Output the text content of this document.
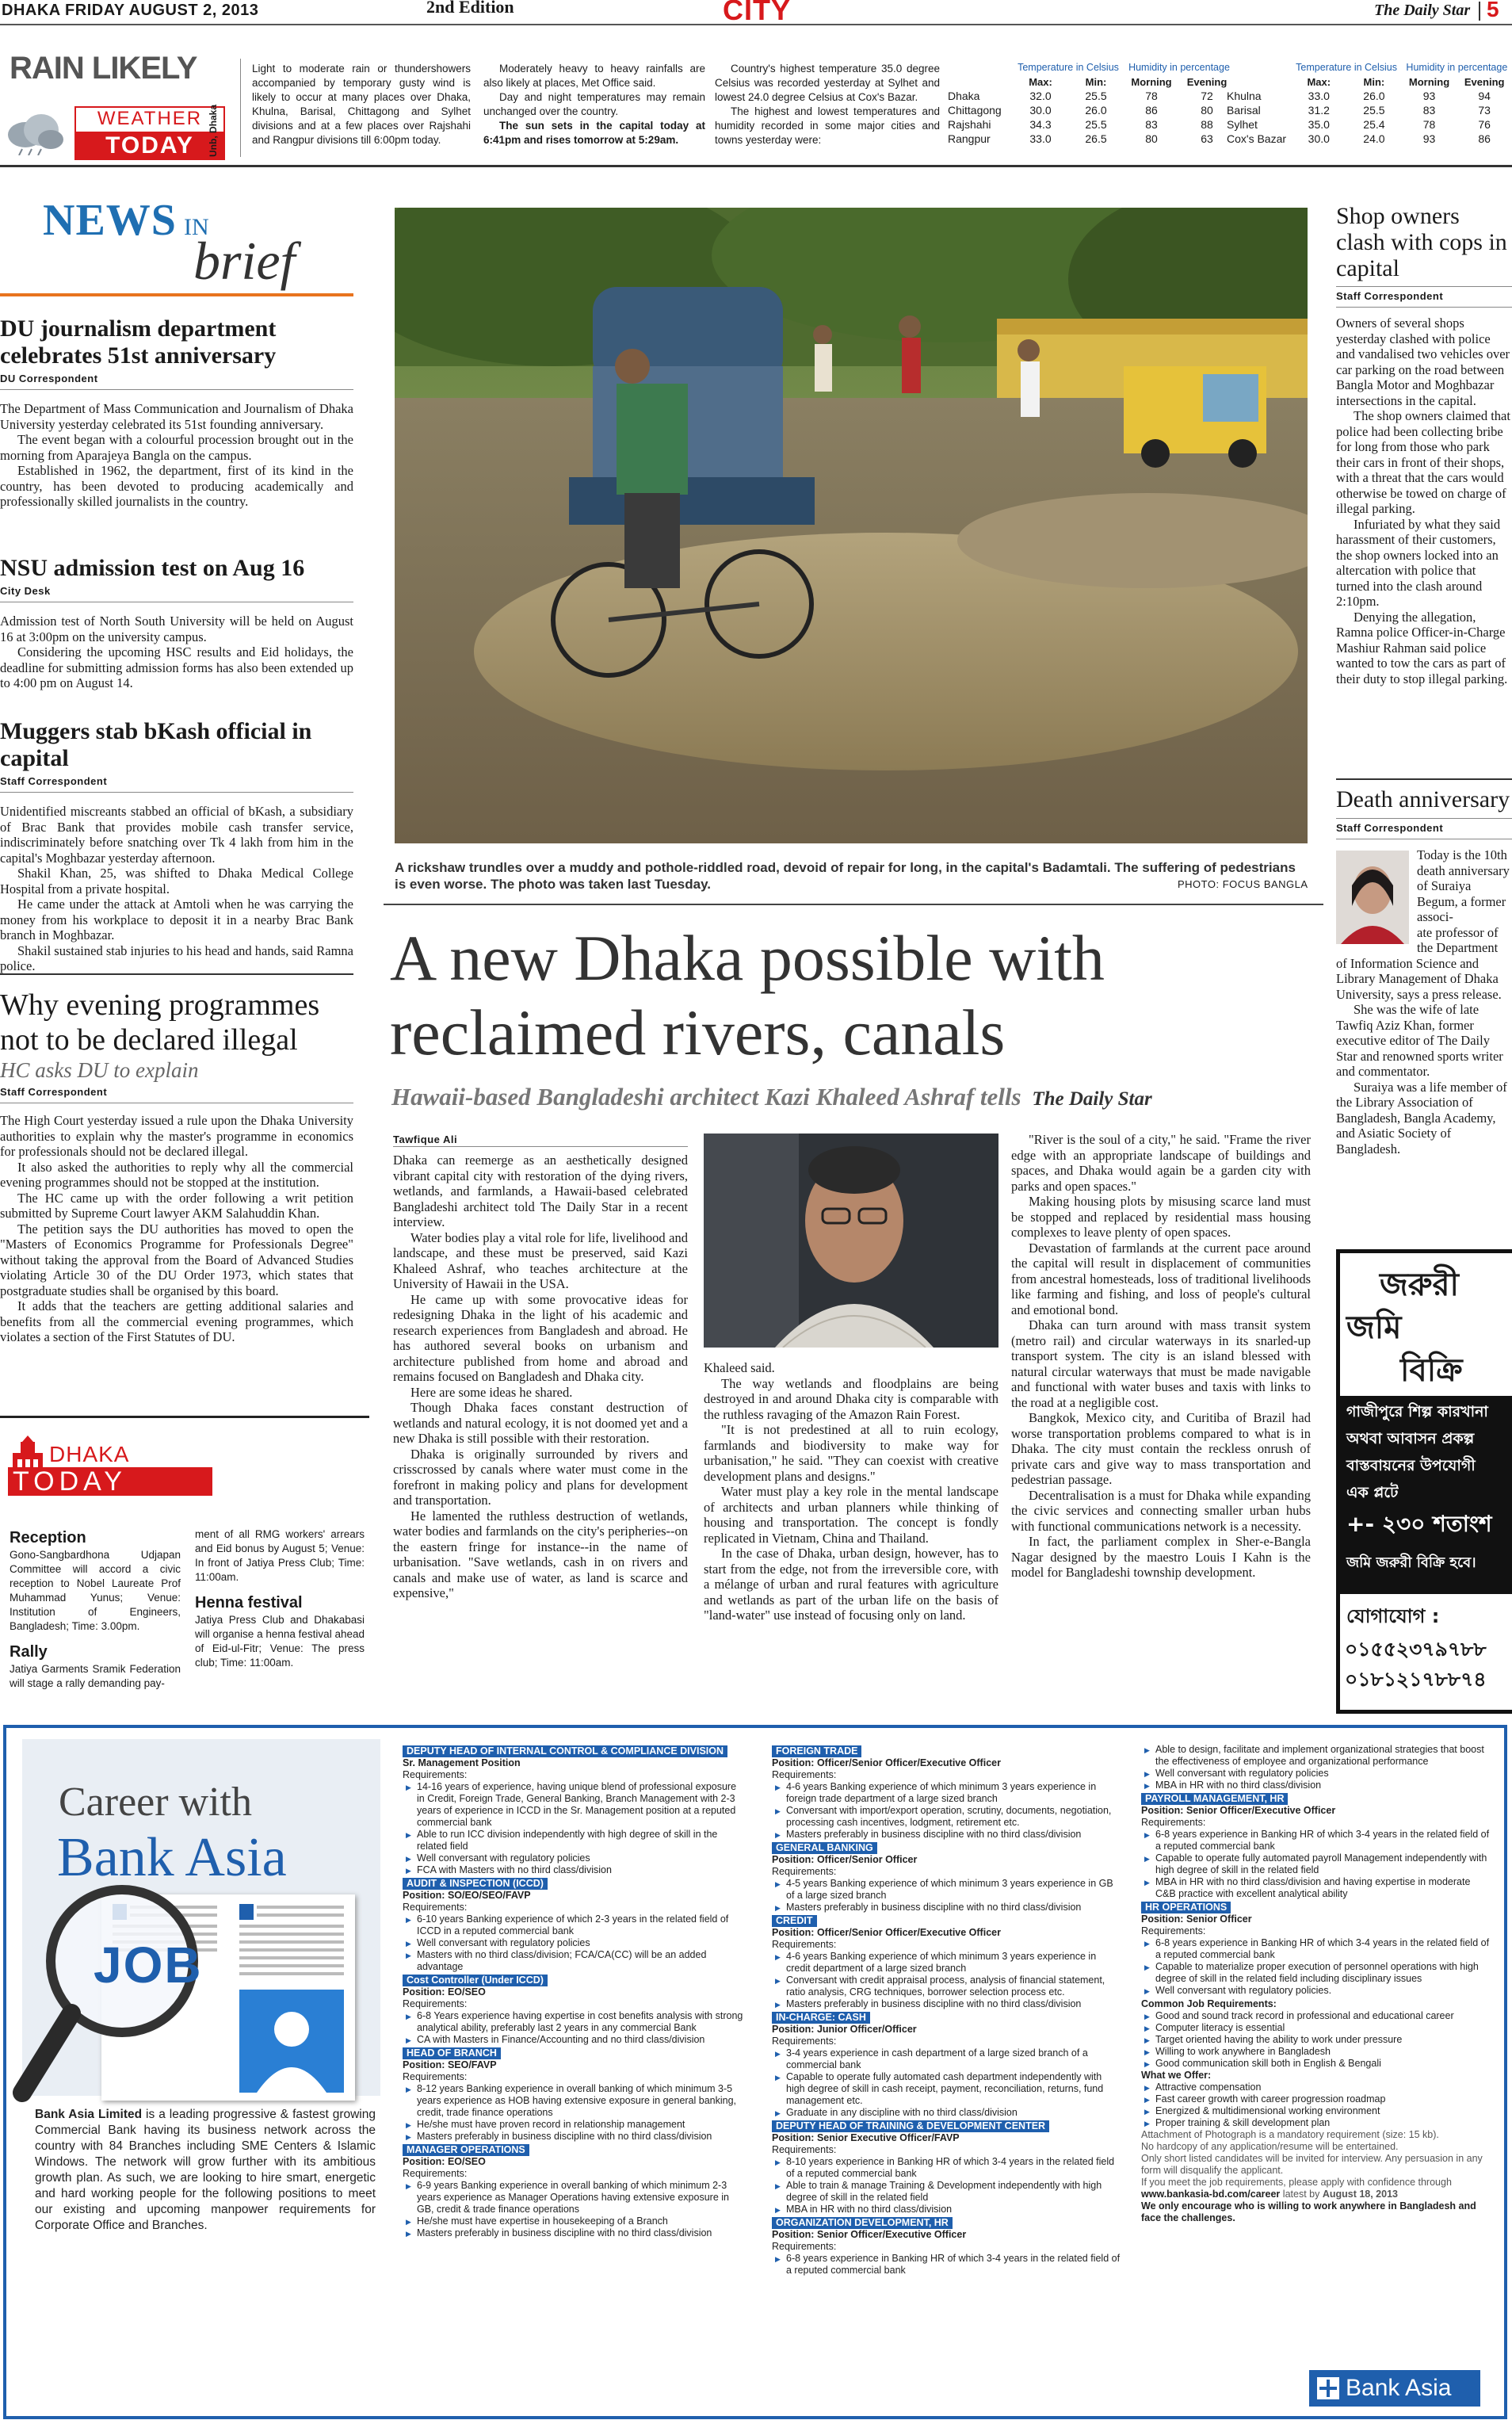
DHAKA FRIDAY AUGUST 2, 2013	2nd Edition	CITY	The Daily Star 5
RAIN LIKELY
WEATHER
TODAY	Unb, Dhaka
Light to moderate rain or thundershowers accompanied by temporary gusty wind is likely to occur at many places over Dhaka, Khulna, Barisal, Chittagong and Sylhet divisions and at a few places over Rajshahi and Rangpur divisions till 6:00pm today.

Moderately heavy to heavy rainfalls are also likely at places, Met Office said.

Day and night temperatures may remain unchanged over the country.

The sun sets in the capital today at 6:41pm and rises tomorrow at 5:29am.

Country's highest temperature 35.0 degree Celsius was recorded yesterday at Sylhet and lowest 24.0 degree Celsius at Cox's Bazar.

The highest and lowest temperatures and humidity recorded in some major cities and towns yesterday were:

	Temperature in Celsius		Humidity in percentage	
	Max:	Min:	Morning	Evening
Dhaka	32.0	25.5	78	72
Chittagong	30.0	26.0	86	80
Rajshahi	34.3	25.5	83	88
Rangpur	33.0	26.5	80	63
	Temperature in Celsius		Humidity in percentage	
	Max:	Min:	Morning	Evening
Khulna	33.0	26.0	93	94
Barisal	31.2	25.5	83	73
Sylhet	35.0	25.4	78	76
Cox's Bazar	30.0	24.0	93	86
NEWS IN
brief
DU journalism department celebrates 51st anniversary
DU Correspondent

The Department of Mass Communication and Journalism of Dhaka University yesterday celebrated its 51st founding anniversary.

The event began with a colourful procession brought out in the morning from Aparajeya Bangla on the campus.

Established in 1962, the department, first of its kind in the country, has been devoted to producing academically and professionally skilled journalists in the country.

NSU admission test on Aug 16
City Desk

Admission test of North South University will be held on August 16 at 3:00pm on the university campus.

Considering the upcoming HSC results and Eid holidays, the deadline for submitting admission forms has also been extended up to 4:00 pm on August 14.

Muggers stab bKash official in capital
Staff Correspondent

Unidentified miscreants stabbed an official of bKash, a subsidiary of Brac Bank that provides mobile cash transfer service, indiscriminately before snatching over Tk 4 lakh from him in the capital's Moghbazar yesterday afternoon.

Shakil Khan, 25, was shifted to Dhaka Medical College Hospital from a private hospital.

He came under the attack at Amtoli when he was carrying the money from his workplace to deposit it in a nearby Brac Bank branch in Moghbazar.

Shakil sustained stab injuries to his head and hands, said Ramna police.

Why evening programmes not to be declared illegal
HC asks DU to explain
Staff Correspondent

The High Court yesterday issued a rule upon the Dhaka University authorities to explain why the master's programme in economics for professionals should not be declared illegal.

It also asked the authorities to reply why all the commercial evening programmes should not be stopped at the institution.

The HC came up with the order following a writ petition submitted by Supreme Court lawyer AKM Salahuddin Khan.

The petition says the DU authorities has moved to open the "Masters of Economics Programme for Professionals Degree" without taking the approval from the Board of Advanced Studies violating Article 30 of the DU Order 1973, which states that postgraduate studies shall be organised by this board.

It adds that the teachers are getting additional salaries and benefits from all the commercial evening programmes, which violates a section of the First Statutes of DU.

DHAKA
TODAY
Reception

Gono-Sangbardhona Udjapan Committee will accord a civic reception to Nobel Laureate Prof Muhammad Yunus; Venue: Institution of Engineers, Bangladesh; Time: 3.00pm.

Rally

Jatiya Garments Sramik Federation will stage a rally demanding pay-

ment of all RMG workers' arrears and Eid bonus by August 5; Venue: In front of Jatiya Press Club; Time: 11:00am.

Henna festival

Jatiya Press Club and Dhakabasi will organise a henna festival ahead of Eid-ul-Fitr; Venue: The press club; Time: 11:00am.

A rickshaw trundles over a muddy and pothole-riddled road, devoid of repair for long, in the capital's Badamtali. The suffering of pedestrians is even worse. The photo was taken last Tuesday.	PHOTO: FOCUS BANGLA
A new Dhaka possible with
reclaimed rivers, canals
Hawaii-based Bangladeshi architect Kazi Khaleed Ashraf tells The Daily Star
Tawfique Ali

Dhaka can reemerge as an aesthetically designed vibrant capital city with restoration of the dying rivers, wetlands, and farmlands, a Hawaii-based celebrated Bangladeshi architect told The Daily Star in a recent interview.

Water bodies play a vital role for life, livelihood and landscape, and these must be preserved, said Kazi Khaleed Ashraf, who teaches architecture at the University of Hawaii in the USA.

He came up with some provocative ideas for redesigning Dhaka in the light of his academic and research experiences from Bangladesh and abroad. He has authored several books on urbanism and architecture published from home and abroad and remains focused on Bangladesh and Dhaka city.

Here are some ideas he shared.

Though Dhaka faces constant destruction of wetlands and natural ecology, it is not doomed yet and a new Dhaka is still possible with their restoration.

Dhaka is originally surrounded by rivers and crisscrossed by canals where water must come in the forefront in making policy and plans for development and transportation.

He lamented the ruthless destruction of wetlands, water bodies and farmlands on the city's peripheries--on the eastern fringe for instance--in the name of urbanisation. "Save wetlands, cash in on rivers and canals and make use of water, as land is scarce and expensive,"

Khaleed said.

The way wetlands and floodplains are being destroyed in and around Dhaka city is comparable with the ruthless ravaging of the Amazon Rain Forest.

"It is not predestined at all to ruin ecology, farmlands and biodiversity to make way for urbanisation," he said. "They can coexist with creative development plans and designs."

Water must play a key role in the mental landscape of architects and urban planners while thinking of housing and transportation. The concept is fondly replicated in Vietnam, China and Thailand.

In the case of Dhaka, urban design, however, has to start from the edge, not from the irreversible core, with a mélange of urban and rural features with agriculture and wetlands as part of the urban life on the basis of "land-water" use instead of focusing only on land.

"River is the soul of a city," he said. "Frame the river edge with an appropriate landscape of buildings and spaces, and Dhaka would again be a garden city with parks and open spaces."

Making housing plots by misusing scarce land must be stopped and replaced by residential mass housing complexes to leave plenty of open spaces.

Devastation of farmlands at the current pace around the capital will result in displacement of communities from ancestral homesteads, loss of traditional livelihoods like farming and fishing, and loss of people's cultural and emotional bond.

Dhaka can turn around with mass transit system (metro rail) and circular waterways in its snarled-up transport system. The city is an island blessed with natural circular waterways that must be made navigable and functional with water buses and taxis with links to the road at a negligible cost.

Bangkok, Mexico city, and Curitiba of Brazil had worse transportation problems compared to what is in Dhaka. The city must contain the reckless onrush of private cars and give way to mass transportation and pedestrian passage.

Decentralisation is a must for Dhaka while expanding the civic services and connecting smaller urban hubs with functional communications network is a necessity.

In fact, the parliament complex in Sher-e-Bangla Nagar designed by the maestro Louis I Kahn is the model for Bangladeshi township development.

Shop owners clash with cops in capital
Staff Correspondent

Owners of several shops yesterday clashed with police and vandalised two vehicles over car parking on the road between Bangla Motor and Moghbazar intersections in the capital.

The shop owners claimed that police had been collecting bribe for long from those who park their cars in front of their shops, with a threat that the cars would otherwise be towed on charge of illegal parking.

Infuriated by what they said harassment of their customers, the shop owners locked into an altercation with police that turned into the clash around 2:10pm.

Denying the allegation, Ramna police Officer-in-Charge Mashiur Rahman said police wanted to tow the cars as part of their duty to stop illegal parking.

Death anniversary
Staff Correspondent

Today is the 10th death anniversary of Suraiya Begum, a former associ-

ate professor of the Department of Information Science and Library Management of Dhaka University, says a press release.

She was the wife of late Tawfiq Aziz Khan, former executive editor of The Daily Star and renowned sports writer and commentator.

Suraiya was a life member of the Library Association of Bangladesh, Bangla Academy, and Asiatic Society of Bangladesh.

জরুরী
জমি
বিক্রি
গাজীপুরে শিল্প কারখানা
অথবা আবাসন প্রকল্প
বাস্তবায়নের উপযোগী
এক প্লটে
+- ২৩০ শতাংশ
জমি জরুরী বিক্রি হবে।
যোগাযোগ :
০১৫৫২৩৭৯৭৮৮
০১৮১২১৭৮৮৭৪
Career with
Bank Asia
JOB
Bank Asia Limited is a leading progressive & fastest growing Commercial Bank having its business network across the country with 84 Branches including SME Centers & Islamic Windows. The network will grow further with its ambitious growth plan. As such, we are looking to hire smart, energetic and hard working people for the following positions to meet our existing and upcoming manpower requirements for Corporate Office and Branches.
DEPUTY HEAD OF INTERNAL CONTROL & COMPLIANCE DIVISION
Sr. Management Position
Requirements:
▶ 14-16 years of experience, having unique blend of professional exposure in Credit, Foreign Trade, General Banking, Branch Management with 2-3 years of experience in ICCD in the Sr. Management position at a reputed commercial bank
▶ Able to run ICC division independently with high degree of skill in the related field
▶ Well conversant with regulatory policies
▶ FCA with Masters with no third class/division
AUDIT & INSPECTION (ICCD)
Position: SO/EO/SEO/FAVP
Requirements:
▶ 6-10 years Banking experience of which 2-3 years in the related field of ICCD in a reputed commercial bank
▶ Well conversant with regulatory policies
▶ Masters with no third class/division; FCA/CA(CC) will be an added advantage
Cost Controller (Under ICCD)
Position: EO/SEO
Requirements:
▶ 6-8 Years experience having expertise in cost benefits analysis with strong analytical ability, preferably last 2 years in any commercial Bank
▶ CA with Masters in Finance/Accounting and no third class/division
HEAD OF BRANCH
Position: SEO/FAVP
Requirements:
▶ 8-12 years Banking experience in overall banking of which minimum 3-5 years experience as HOB having extensive exposure in general banking, credit, trade finance operations
▶ He/she must have proven record in relationship management
▶ Masters preferably in business discipline with no third class/division
MANAGER OPERATIONS
Position: EO/SEO
Requirements:
▶ 6-9 years Banking experience in overall banking of which minimum 2-3 years experience as Manager Operations having extensive exposure in GB, credit & trade finance operations
▶ He/she must have expertise in housekeeping of a Branch
▶ Masters preferably in business discipline with no third class/division
FOREIGN TRADE
Position: Officer/Senior Officer/Executive Officer
Requirements:
▶ 4-6 years Banking experience of which minimum 3 years experience in foreign trade department of a large sized branch
▶ Conversant with import/export operation, scrutiny, documents, negotiation, processing cash incentives, lodgment, retirement etc.
▶ Masters preferably in business discipline with no third class/division
GENERAL BANKING
Position: Officer/Senior Officer
Requirements:
▶ 4-5 years Banking experience of which minimum 3 years experience in GB of a large sized branch
▶ Masters preferably in business discipline with no third class/division
CREDIT
Position: Officer/Senior Officer/Executive Officer
Requirements:
▶ 4-6 years Banking experience of which minimum 3 years experience in credit department of a large sized branch
▶ Conversant with credit appraisal process, analysis of financial statement, ratio analysis, CRG techniques, borrower selection process etc.
▶ Masters preferably in business discipline with no third class/division
IN-CHARGE: CASH
Position: Junior Officer/Officer
Requirements:
▶ 3-4 years experience in cash department of a large sized branch of a commercial bank
▶ Capable to operate fully automated cash department independently with high degree of skill in cash receipt, payment, reconciliation, returns, fund management etc.
▶ Graduate in any discipline with no third class/division
DEPUTY HEAD OF TRAINING & DEVELOPMENT CENTER
Position: Senior Executive Officer/FAVP
Requirements:
▶ 8-10 years experience in Banking HR of which 3-4 years in the related field of a reputed commercial bank
▶ Able to train & manage Training & Development independently with high degree of skill in the related field
▶ MBA in HR with no third class/division
ORGANIZATION DEVELOPMENT, HR
Position: Senior Officer/Executive Officer
Requirements:
▶ 6-8 years experience in Banking HR of which 3-4 years in the related field of a reputed commercial bank
▶ Able to design, facilitate and implement organizational strategies that boost the effectiveness of employee and organizational performance
▶ Well conversant with regulatory policies
▶ MBA in HR with no third class/division
PAYROLL MANAGEMENT, HR
Position: Senior Officer/Executive Officer
Requirements:
▶ 6-8 years experience in Banking HR of which 3-4 years in the related field of a reputed commercial bank
▶ Capable to operate fully automated payroll Management independently with high degree of skill in the related field
▶ MBA in HR with no third class/division and having expertise in moderate C&B practice with excellent analytical ability
HR OPERATIONS
Position: Senior Officer
Requirements:
▶ 6-8 years experience in Banking HR of which 3-4 years in the related field of a reputed commercial bank
▶ Capable to materialize proper execution of personnel operations with high degree of skill in the related field including disciplinary issues
▶ Well conversant with regulatory policies.
Common Job Requirements:
▶ Good and sound track record in professional and educational career
▶ Computer literacy is essential
▶ Target oriented having the ability to work under pressure
▶ Willing to work anywhere in Bangladesh
▶ Good communication skill both in English & Bengali
What we Offer:
▶ Attractive compensation
▶ Fast career growth with career progression roadmap
▶ Energized & multidimensional working environment
▶ Proper training & skill development plan
Attachment of Photograph is a mandatory requirement (size: 15 kb).
No hardcopy of any application/resume will be entertained.
Only short listed candidates will be invited for interview. Any persuasion in any form will disqualify the applicant.
If you meet the job requirements, please apply with confidence through www.bankasia-bd.com/career latest by August 18, 2013
We only encourage who is willing to work anywhere in Bangladesh and face the challenges.
Bank Asia
